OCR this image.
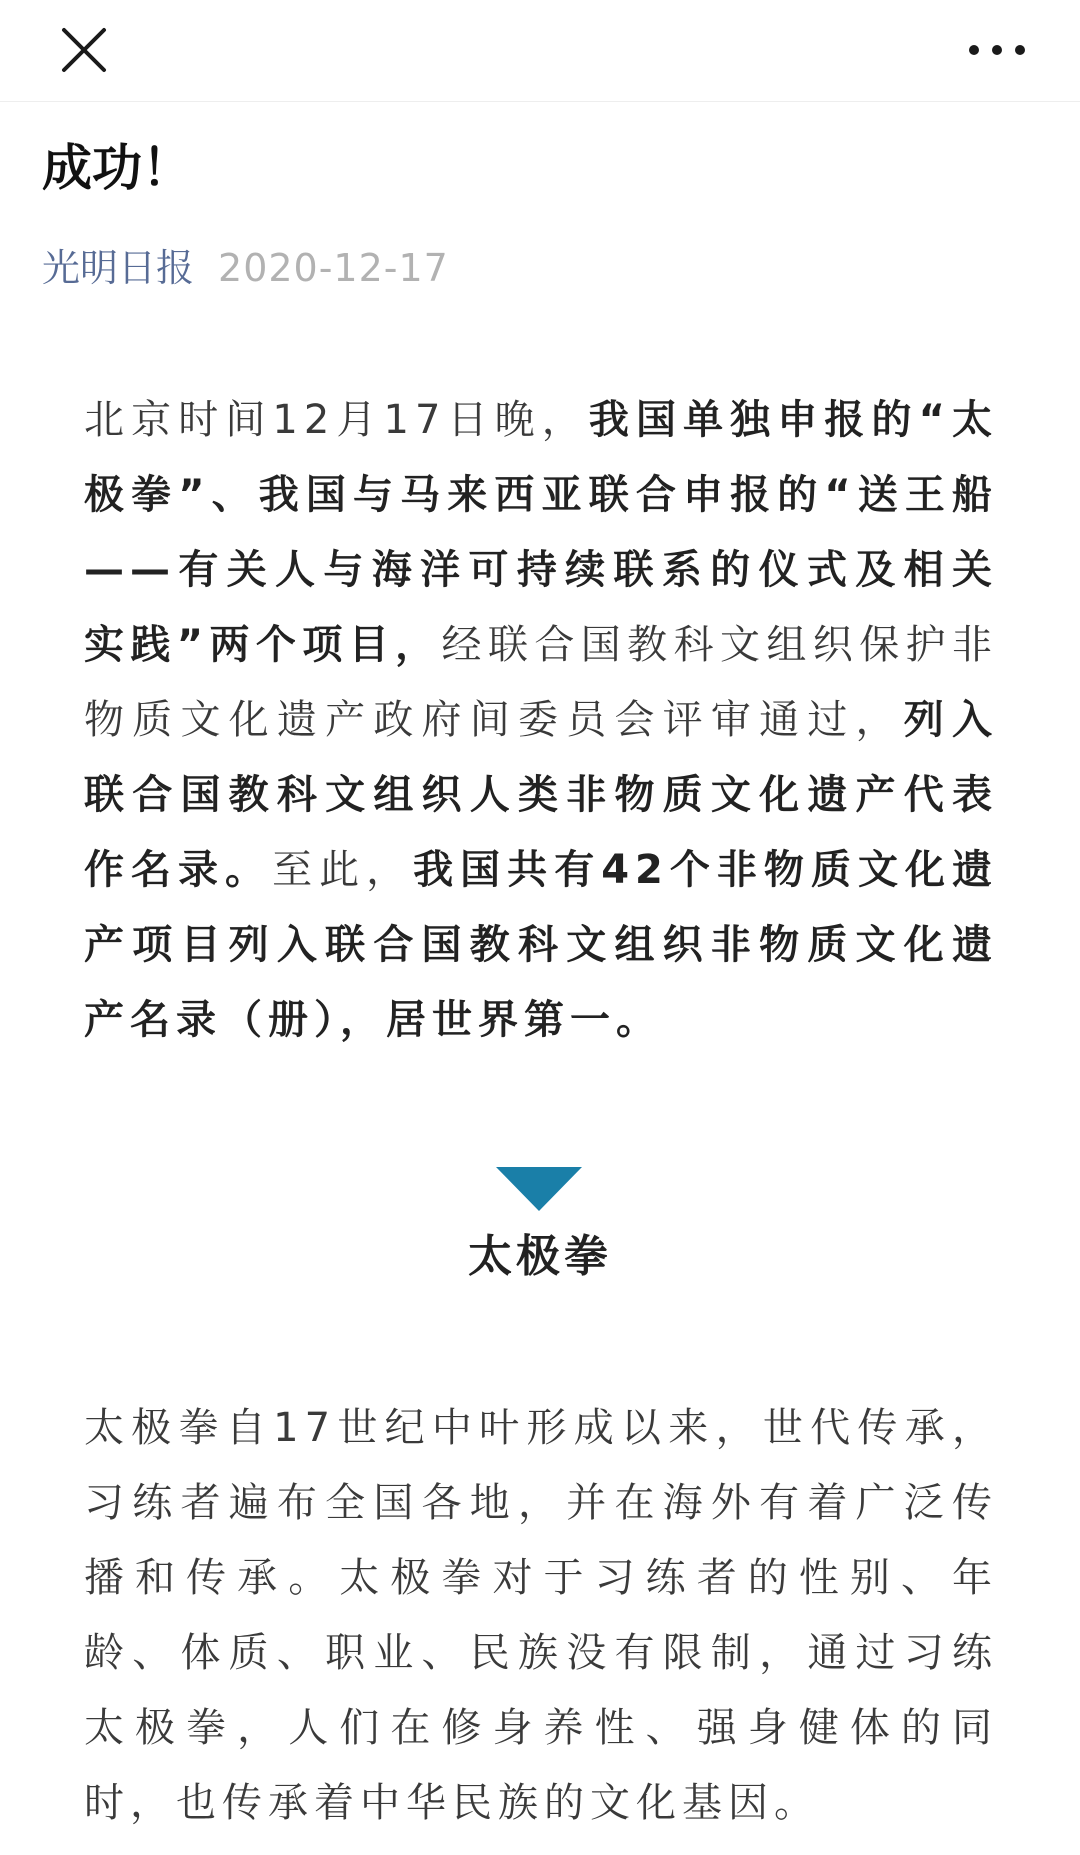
成功！
光明日报 2020-12-17

北京时间12月17日晚，我国单独申报的“太极拳”、我国与马来西亚联合申报的“送王船——有关人与海洋可持续联系的仪式及相关实践”两个项目，经联合国教科文组织保护非物质文化遗产政府间委员会评审通过，列入联合国教科文组织人类非物质文化遗产代表作名录。至此，我国共有42个非物质文化遗产项目列入联合国教科文组织非物质文化遗产名录（册），居世界第一。

太极拳

太极拳自17世纪中叶形成以来，世代传承，习练者遍布全国各地，并在海外有着广泛传播和传承。太极拳对于习练者的性别、年龄、体质、职业、民族没有限制，通过习练太极拳，人们在修身养性、强身健体的同时，也传承着中华民族的文化基因。
